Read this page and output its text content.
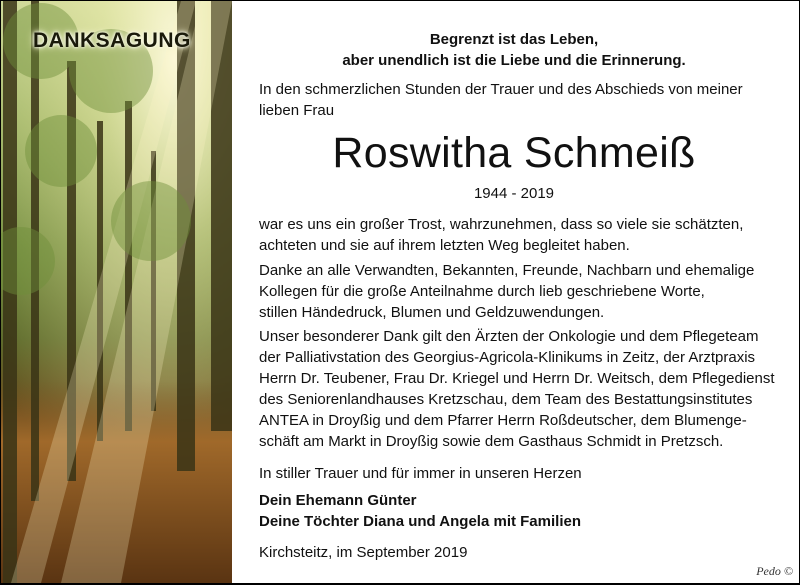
DANKSAGUNG	Begrenzt ist das Leben,
aber unendlich ist die Liebe und die Erinnerung.
In den schmerzlichen Stunden der Trauer und des Abschieds von meiner
lieben Frau
Roswitha Schmeiß
1944 - 2019
war es uns ein großer Trost, wahrzunehmen, dass so viele sie schätzten,
achteten und sie auf ihrem letzten Weg begleitet haben.
Danke an alle Verwandten, Bekannten, Freunde, Nachbarn und ehemalige
Kollegen für die große Anteilnahme durch lieb geschriebene Worte,
stillen Händedruck, Blumen und Geldzuwendungen.
Unser besonderer Dank gilt den Ärzten der Onkologie und dem Pflegeteam
der Palliativstation des Georgius-Agricola-Klinikums in Zeitz, der Arztpraxis
Herrn Dr. Teubener, Frau Dr. Kriegel und Herrn Dr. Weitsch, dem Pflegedienst
des Seniorenlandhauses Kretzschau, dem Team des Bestattungsinstitutes
ANTEA in Droyßig und dem Pfarrer Herrn Roßdeutscher, dem Blumenge-
schäft am Markt in Droyßig sowie dem Gasthaus Schmidt in Pretzsch.
In stiller Trauer und für immer in unseren Herzen
Dein Ehemann Günter
Deine Töchter Diana und Angela mit Familien
Kirchsteitz, im September 2019
Pedo ©
